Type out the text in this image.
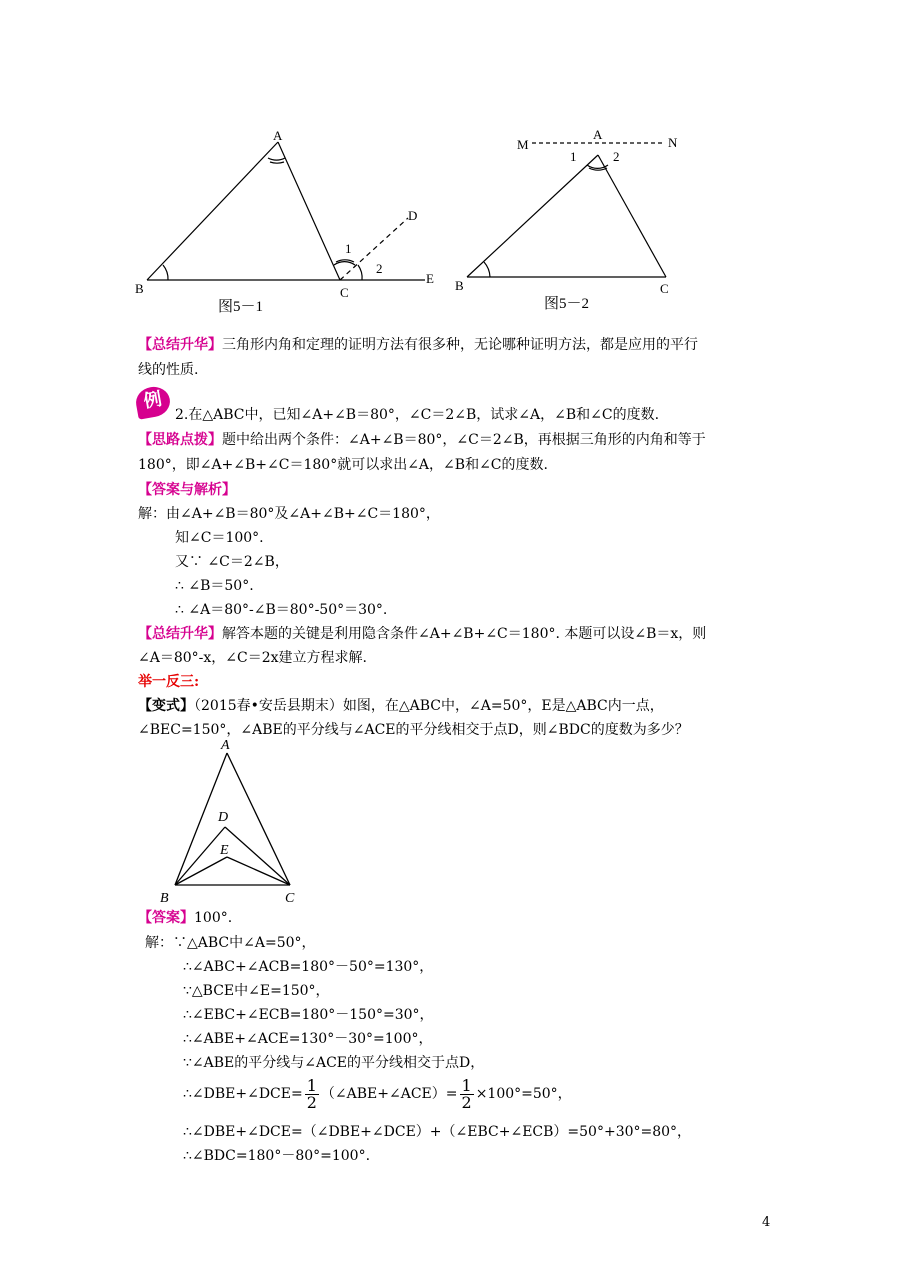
A
B	C
D
E
1
2
图5－1
A
M	N
1	2
B	C
图5－2
【总结升华】三角形内角和定理的证明方法有很多种，无论哪种证明方法，都是应用的平行
线的性质.
例
2.在△ABC中，已知∠A+∠B＝80°，∠C＝2∠B，试求∠A，∠B和∠C的度数.
【思路点拨】题中给出两个条件：∠A+∠B＝80°，∠C＝2∠B，再根据三角形的内角和等于
180°，即∠A+∠B+∠C＝180°就可以求出∠A，∠B和∠C的度数.
【答案与解析】
解：由∠A+∠B＝80°及∠A+∠B+∠C＝180°，
知∠C＝100°.
又∵ ∠C＝2∠B，
∴ ∠B＝50°.
∴ ∠A＝80°-∠B＝80°-50°＝30°.
【总结升华】解答本题的关键是利用隐含条件∠A+∠B+∠C＝180°. 本题可以设∠B＝x，则
∠A＝80°-x，∠C＝2x建立方程求解.
举一反三:
【变式】（2015春•安岳县期末）如图，在△ABC中，∠A=50°，E是△ABC内一点，
∠BEC=150°，∠ABE的平分线与∠ACE的平分线相交于点D，则∠BDC的度数为多少？
A
D
E
B	C
【答案】100°.
解：∵△ABC中∠A=50°，
∴∠ABC+∠ACB=180°－50°=130°，
∵△BCE中∠E=150°，
∴∠EBC+∠ECB=180°－150°=30°，
∴∠ABE+∠ACE=130°－30°=100°，
∵∠ABE的平分线与∠ACE的平分线相交于点D，
∴∠DBE+∠DCE= $\frac{1}{2}$ （∠ABE+∠ACE）= $\frac{1}{2} \times 100^\circ=50^\circ$，
∴∠DBE+∠DCE=（∠DBE+∠DCE）+（∠EBC+∠ECB）=50°+30°=80°，
∴∠BDC=180°－80°=100°.
4
